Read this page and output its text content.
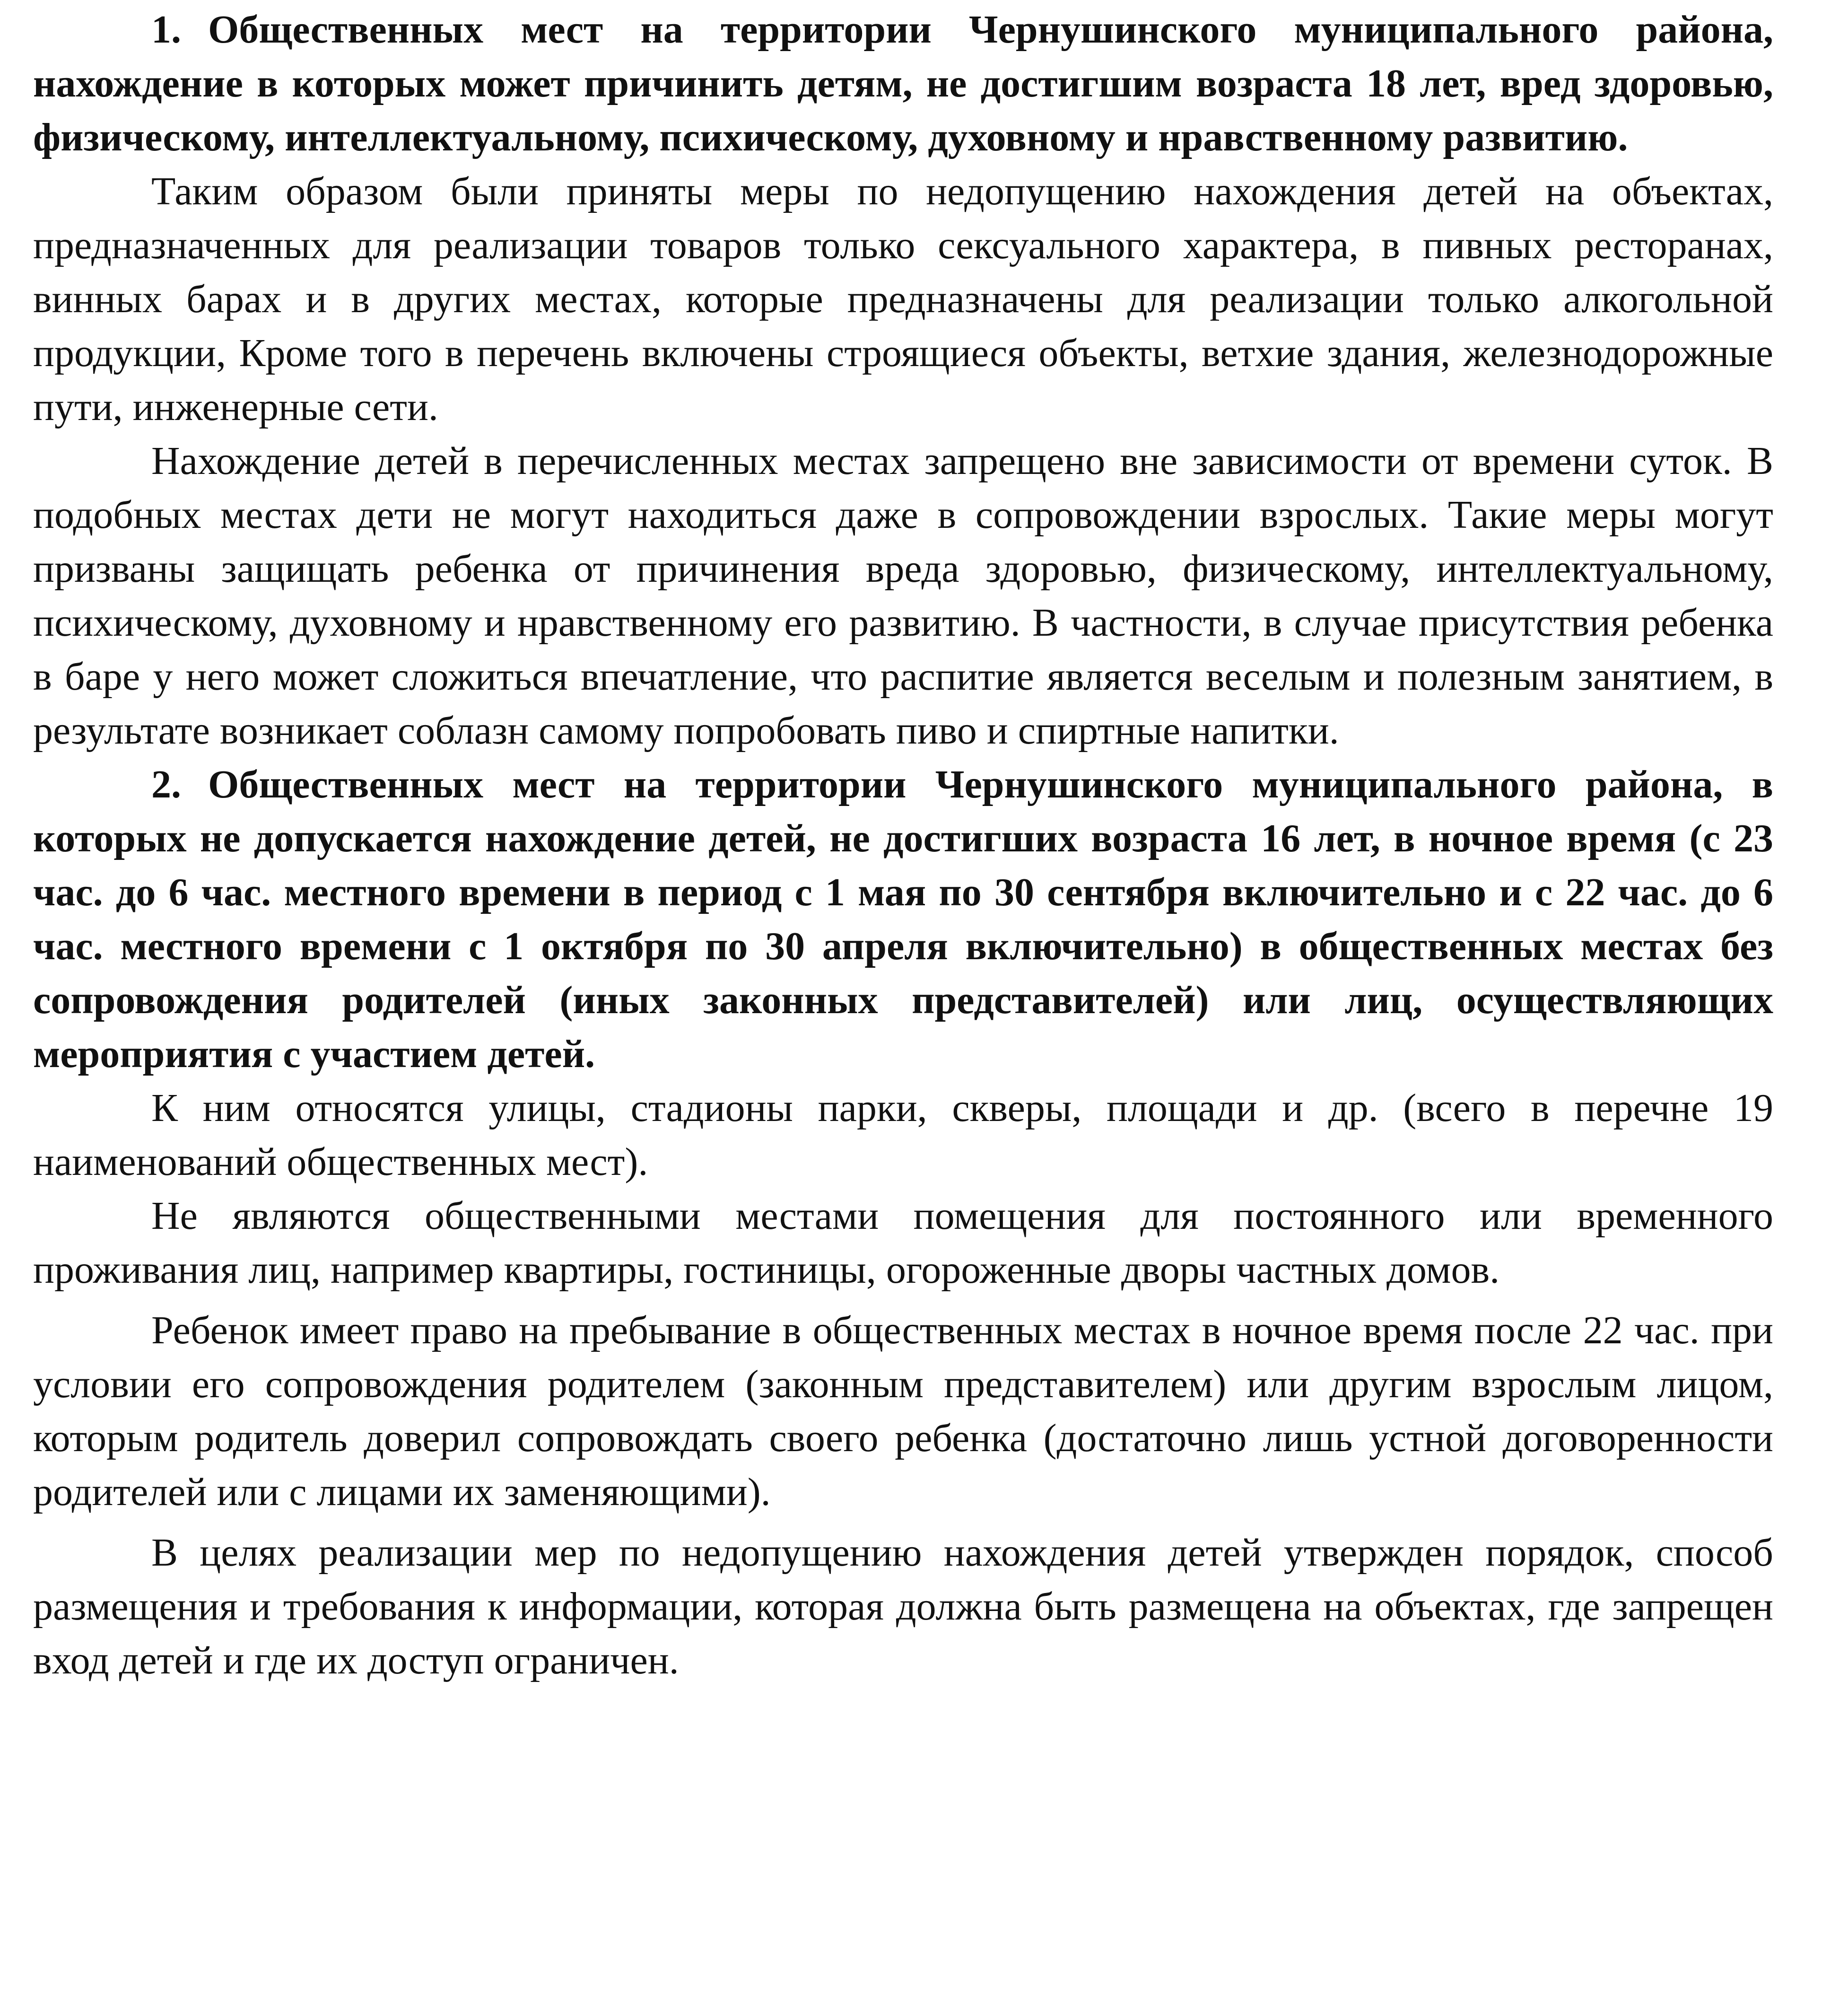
1. Общественных мест на территории Чернушинского муниципального района, нахождение в которых может причинить детям, не достигшим возраста 18 лет, вред здоровью, физическому, интеллектуальному, психическому, духовному и нравственному развитию.

Таким образом были приняты меры по недопущению нахождения детей на объектах, предназначенных для реализации товаров только сексуального характера, в пивных ресторанах, винных барах и в других местах, которые предназначены для реализации только алкогольной продукции, Кроме того в перечень включены строящиеся объекты, ветхие здания, железнодорожные пути, инженерные сети.

Нахождение детей в перечисленных местах запрещено вне зависимости от времени суток. В подобных местах дети не могут находиться даже в сопровождении взрослых. Такие меры могут призваны защищать ребенка от причинения вреда здоровью, физическому, интеллектуальному, психическому, духовному и нравственному его развитию. В частности, в случае присутствия ребенка в баре у него может сложиться впечатление, что распитие является веселым и полезным занятием, в результате возникает соблазн самому попробовать пиво и спиртные напитки.

2. Общественных мест на территории Чернушинского муниципального района, в которых не допускается нахождение детей, не достигших возраста 16 лет, в ночное время (с 23 час. до 6 час. местного времени в период с 1 мая по 30 сентября включительно и с 22 час. до 6 час. местного времени с 1 октября по 30 апреля включительно) в общественных местах без сопровождения родителей (иных законных представителей) или лиц, осуществляющих мероприятия с участием детей.

К ним относятся улицы, стадионы парки, скверы, площади и др. (всего в перечне 19 наименований общественных мест).

Не являются общественными местами помещения для постоянного или временного проживания лиц, например квартиры, гостиницы, огороженные дворы частных домов.

Ребенок имеет право на пребывание в общественных местах в ночное время после 22 час. при условии его сопровождения родителем (законным представителем) или другим взрослым лицом, которым родитель доверил сопровождать своего ребенка (достаточно лишь устной договоренности родителей или с лицами их заменяющими).

В целях реализации мер по недопущению нахождения детей утвержден порядок, способ размещения и требования к информации, которая должна быть размещена на объектах, где запрещен вход детей и где их доступ ограничен.
